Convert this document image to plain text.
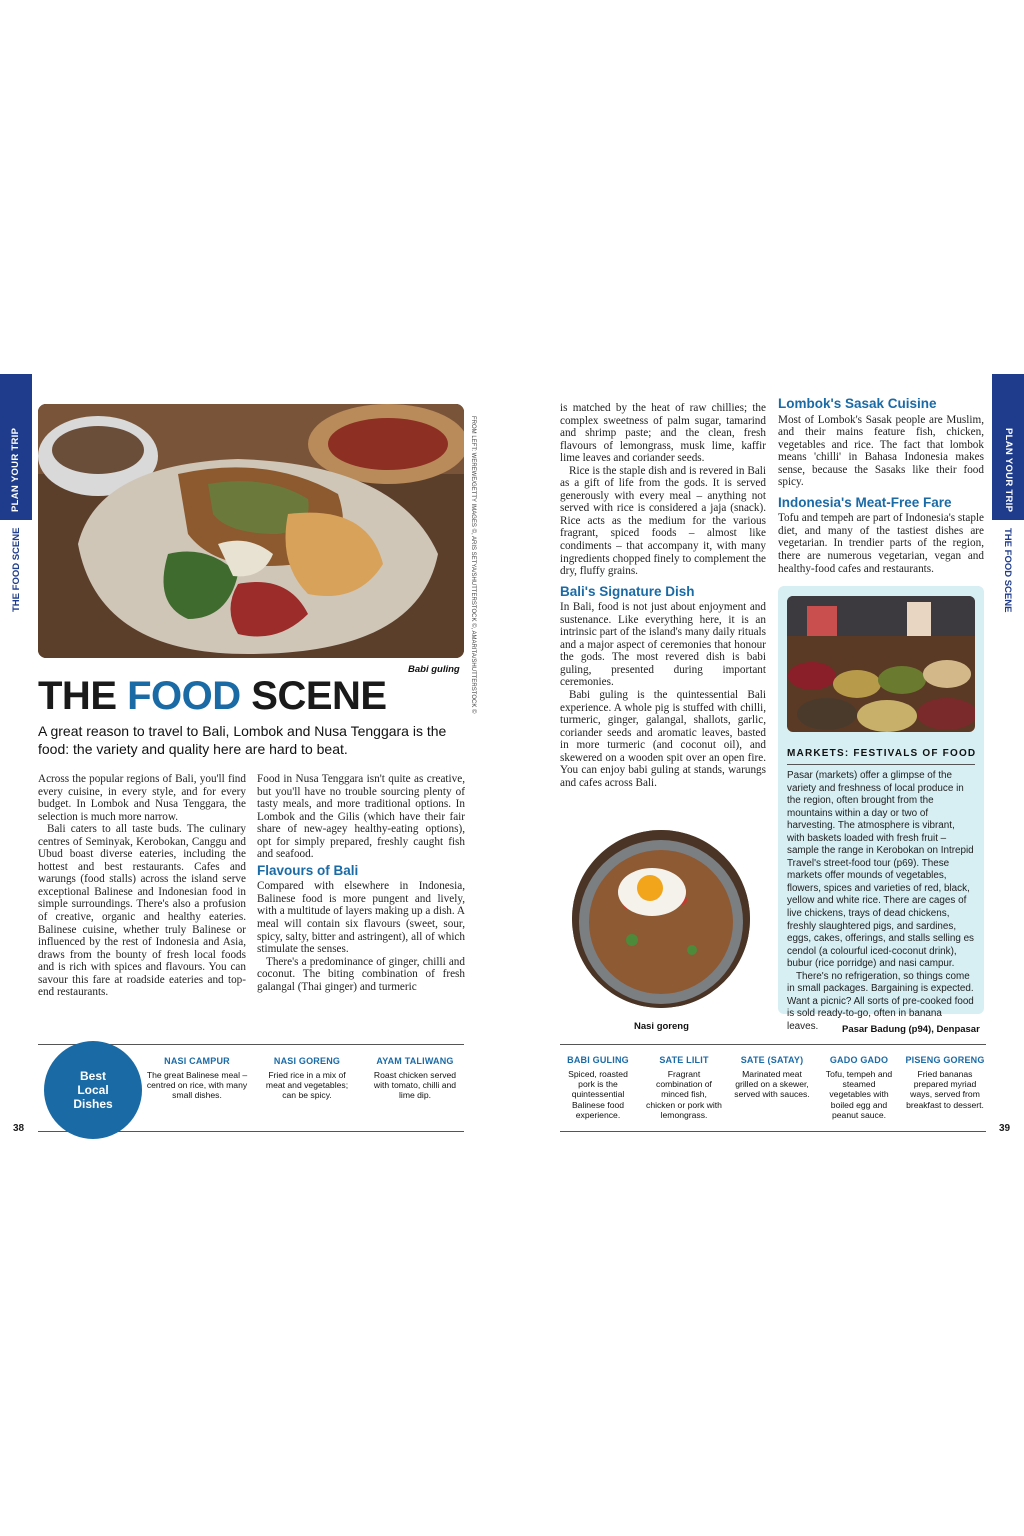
PLAN YOUR TRIP
THE FOOD SCENE	FROM LEFT: WEREWE/GETTY IMAGES ©, ARIS SETYA/SHUTTERSTOCK ©, AMARITA/SHUTTERSTOCK ©
Babi guling
THE FOOD SCENE
A great reason to travel to Bali, Lombok and Nusa Tenggara is the food: the variety and quality here are hard to beat.

Across the popular regions of Bali, you'll find every cuisine, in every style, and for every budget. In Lombok and Nusa Tenggara, the selection is much more narrow.

Bali caters to all taste buds. The culinary centres of Seminyak, Kerobokan, Canggu and Ubud boast diverse eateries, including the hottest and best restaurants. Cafes and warungs (food stalls) across the island serve exceptional Balinese and Indonesian food in simple surroundings. There's also a profusion of creative, organic and healthy eateries. Balinese cuisine, whether truly Balinese or influenced by the rest of Indonesia and Asia, draws from the bounty of fresh local foods and is rich with spices and flavours. You can savour this fare at roadside eateries and top-end restaurants.

Food in Nusa Tenggara isn't quite as creative, but you'll have no trouble sourcing plenty of tasty meals, and more traditional options. In Lombok and the Gilis (which have their fair share of new-agey healthy-eating options), opt for simply prepared, freshly caught fish and seafood.

Flavours of Bali

Compared with elsewhere in Indonesia, Balinese food is more pungent and lively, with a multitude of layers making up a dish. A meal will contain six flavours (sweet, sour, spicy, salty, bitter and astringent), all of which stimulate the senses.

There's a predominance of ginger, chilli and coconut. The biting combination of fresh galangal (Thai ginger) and turmeric

Best Local Dishes
NASI CAMPUR
The great Balinese meal – centred on rice, with many small dishes.
NASI GORENG
Fried rice in a mix of meat and vegetables; can be spicy.
AYAM TALIWANG
Roast chicken served with tomato, chilli and lime dip.
38

is matched by the heat of raw chillies; the complex sweetness of palm sugar, tamarind and shrimp paste; and the clean, fresh flavours of lemongrass, musk lime, kaffir lime leaves and coriander seeds.

Rice is the staple dish and is revered in Bali as a gift of life from the gods. It is served generously with every meal – anything not served with rice is considered a jaja (snack). Rice acts as the medium for the various fragrant, spiced foods – almost like condiments – that accompany it, with many ingredients chopped finely to complement the dry, fluffy grains.

Bali's Signature Dish

In Bali, food is not just about enjoyment and sustenance. Like everything here, it is an intrinsic part of the island's many daily rituals and a major aspect of ceremonies that honour the gods. The most revered dish is babi guling, presented during important ceremonies.

Babi guling is the quintessential Bali experience. A whole pig is stuffed with chilli, turmeric, ginger, galangal, shallots, garlic, coriander seeds and aromatic leaves, basted in more turmeric (and coconut oil), and skewered on a wooden spit over an open fire. You can enjoy babi guling at stands, warungs and cafes across Bali.

Lombok's Sasak Cuisine

Most of Lombok's Sasak people are Muslim, and their mains feature fish, chicken, vegetables and rice. The fact that lombok means 'chilli' in Bahasa Indonesia makes sense, because the Sasaks like their food spicy.

Indonesia's Meat-Free Fare

Tofu and tempeh are part of Indonesia's staple diet, and many of the tastiest dishes are vegetarian. In trendier parts of the region, there are numerous vegetarian, vegan and healthy-food cafes and restaurants.

MARKETS: FESTIVALS OF FOOD
Pasar (markets) offer a glimpse of the variety and freshness of local produce in the region, often brought from the mountains within a day or two of harvesting. The atmosphere is vibrant, with baskets loaded with fresh fruit – sample the range in Kerobokan on Intrepid Travel's street-food tour (p69). These markets offer mounds of vegetables, flowers, spices and varieties of red, black, yellow and white rice. There are cages of live chickens, trays of dead chickens, freshly slaughtered pigs, and sardines, eggs, cakes, offerings, and stalls selling es cendol (a colourful iced-coconut drink), bubur (rice porridge) and nasi campur.
There's no refrigeration, so things come in small packages. Bargaining is expected. Want a picnic? All sorts of pre-cooked food is sold ready-to-go, often in banana leaves.
Nasi goreng	Pasar Badung (p94), Denpasar
BABI GULING
Spiced, roasted pork is the quintessential Balinese food experience.
SATE LILIT
Fragrant combination of minced fish, chicken or pork with lemongrass.
SATE (SATAY)
Marinated meat grilled on a skewer, served with sauces.
GADO GADO
Tofu, tempeh and steamed vegetables with boiled egg and peanut sauce.
PISENG GORENG
Fried bananas prepared myriad ways, served from breakfast to dessert.
39
PLAN YOUR TRIP
THE FOOD SCENE
